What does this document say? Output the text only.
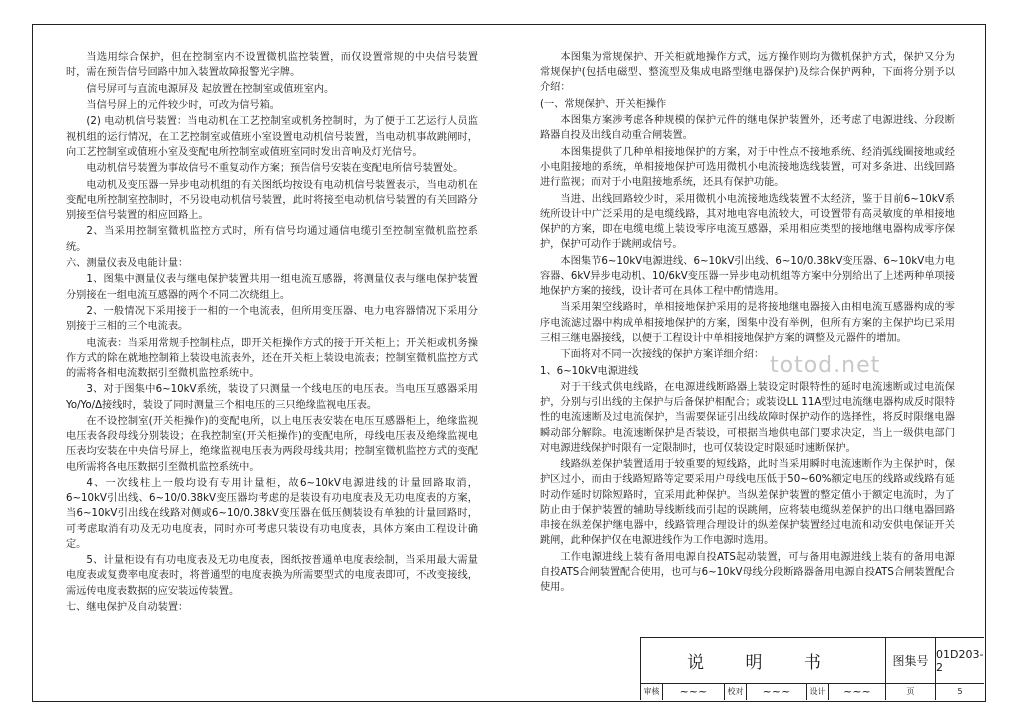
当选用综合保护，但在控制室内不设置微机监控装置，而仅设置常规的中央信号装置时，需在预告信号回路中加入装置故障报警光字牌。

信号屏可与直流电源屏及 起放置在控制室或值班室内。

当信号屏上的元件较少时，可改为信号箱。

(2) 电动机信号装置：当电动机在工艺控制室或机务控制时，为了便于工艺运行人员监视机组的运行情况，在工艺控制室或值班小室设置电动机信号装置，当电动机事故跳闸时，向工艺控制室或值班小室及变配电所控制室或值班室同时发出音响及灯光信号。

电动机信号装置为事故信号不重复动作方案；预告信号安装在变配电所信号装置处。

电动机及变压器一异步电动机组的有关图纸均按设有电动机信号装置表示，当电动机在变配电所控制室控制时，不另设电动机信号装置，此时将接至电动机信号装置的有关回路分别接至信号装置的相应回路上。

2、当采用控制室微机监控方式时，所有信号均通过通信电缆引至控制室微机监控系统。

六、测量仪表及电能计量：

1、图集中测量仪表与继电保护装置共用一组电流互感器，将测量仪表与继电保护装置分别接在一组电流互感器的两个不同二次绕组上。

2、一般情况下采用接于一相的一个电流表，但所用变压器、电力电容器情况下采用分别接于三相的三个电流表。

电流表：当采用常规手控制柱点，即开关柜操作方式的接于开关柜上；开关柜或机务操作方式的除在就地控制箱上装设电流表外，还在开关柜上装设电流表；控制室微机监控方式的需将各相电流数据引至微机监控系统中。

3、对于图集中6~10kV系统，装设了只测量一个线电压的电压表。当电压互感器采用Yo/Yo/Δ接线时，装设了同时测量三个相电压的三只绝缘监视电压表。

在不设控制室(开关柜操作)的变配电所，以上电压表安装在电压互感器柜上，绝缘监视电压表各段母线分别装设；在我控制室(开关柜操作)的变配电所，母线电压表及绝缘监视电压表均安装在中央信号屏上，绝缘监视电压表为两段母线共用；控制室微机监控方式的变配电所需将各电压数据引至微机监控系统中。

4、一次线柱上一般均设有专用计量柜，故6~10kV电源进线的计量回路取消，6~10kV引出线、6~10/0.38kV变压器均考虑的是装设有功电度表及无功电度表的方案，当6~10kV引出线在线路对侧或6~10/0.38kV变压器在低压侧装设有单独的计量回路时，可考虑取消有功及无功电度表，同时亦可考虑只装设有功电度表，具体方案由工程设计确定。

5、计量柜设有有功电度表及无功电度表，图纸按普通单电度表绘制，当采用最大需量电度表或复费率电度表时，将普通型的电度表换为所需要型式的电度表即可，不改变接线，需远传电度表数据的应安装远传装置。

七、继电保护及自动装置：

本图集为常规保护、开关柜就地操作方式，远方操作则均为微机保护方式，保护又分为常规保护(包括电磁型、整流型及集成电路型继电器保护)及综合保护两种，下面将分别予以介绍：

(一、常规保护、开关柜操作

本图集方案涉考虑各种规模的保护元件的继电保护装置外，还考虑了电源进线、分段断路器自投及出线自动重合闸装置。

本图集提供了几种单相接地保护的方案，对于中性点不接地系统、经消弧线圈接地或经小电阻接地的系统，单相接地保护可选用微机小电流接地选线装置，可对多条进、出线回路进行监视；而对于小电阻接地系统，还具有保护功能。

当进、出线回路较少时，采用微机小电流接地选线装置不太经济，鉴于目前6~10kV系统所设计中广泛采用的是电缆线路，其对地电容电流较大，可设置带有高灵敏度的单相接地保护的方案，即在电缆电缆上装设零序电流互感器，采用相应类型的接地继电器构成零序保护，保护可动作于跳闸或信号。

本图集节6~10kV电源进线、6~10kV引出线、6~10/0.38kV变压器、6~10kV电力电容器、6kV异步电动机、10/6kV变压器一异步电动机组等方案中分别给出了上述两种单项接地保护方案的接线，设计者可在具体工程中酌情选用。

当采用架空线路时，单相接地保护采用的是将接地继电器接入由相电流互感器构成的零序电流滤过器中构成单相接地保护的方案，图集中没有举例，但所有方案的主保护均已采用三相三继电器接线，以便于工程设计中单相接地保护方案的调整及元器件的增加。

下面将对不同一次接线的保护方案详细介绍：

1、6~10kV电源进线

对于干线式供电线路，在电源进线断路器上装设定时限特性的延时电流速断或过电流保护，分别与引出线的主保护与后备保护相配合；或装设LL 11A型过电流继电器构成反时限特性的电流速断及过电流保护，当需要保证引出线故障时保护动作的选择性，将反时限继电器瞬动部分解除。电流速断保护是否装设，可根据当地供电部门要求决定，当上一级供电部门对电源进线保护时限有一定限制时，也可仅装设定时限延时速断保护。

线路纵差保护装置适用于较重要的短线路，此时当采用瞬时电流速断作为主保护时，保护区过小，而由于线路短路等定要采用户母线电压低于50~60%额定电压的线路或线路有延时动作延时切除短路时，宜采用此种保护。当纵差保护装置的整定值小于额定电流时，为了防止由于保护装置的辅助导线断线而引起的误跳闸，应将装电缆纵差保护的出口继电器回路串接在纵差保护继电器中，线路管理合理设计的纵差保护装置经过电流和动安供电保证开关跳闸，此种保护仅在电源进线作为工作电源时选用。

工作电源进线上装有备用电源自投ATS起动装置，可与备用电源进线上装有的备用电源自投ATS合闸装置配合使用，也可与6~10kV母线分段断路器备用电源自投ATS合闸装置配合使用。

totod.net
说 明 书	图集号 01D203-2
审核	~~~	校对	~~~	设计	~~~	页	5
